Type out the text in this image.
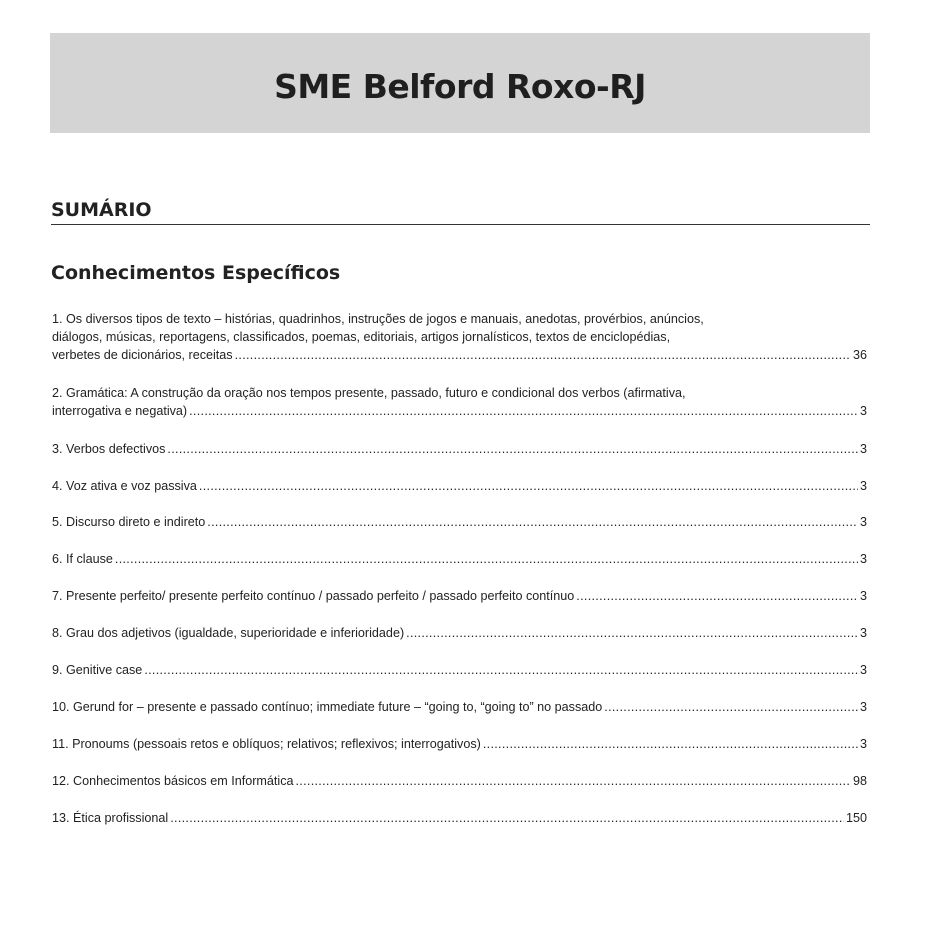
SME Belford Roxo-RJ
SUMÁRIO
Conhecimentos Específicos
1. Os diversos tipos de texto – histórias, quadrinhos, instruções de jogos e manuais, anedotas, provérbios, anúncios,
diálogos, músicas, reportagens, classificados, poemas, editoriais, artigos jornalísticos, textos de enciclopédias,
verbetes de dicionários, receitas .....	36
2. Gramática: A construção da oração nos tempos presente, passado, futuro e condicional dos verbos (afirmativa,
interrogativa e negativa) .....	3
3. Verbos defectivos .....	3
4. Voz ativa e voz passiva .....	3
5. Discurso direto e indireto .....	3
6. If clause .....	3
7. Presente perfeito/ presente perfeito contínuo / passado perfeito / passado perfeito contínuo .....	3
8. Grau dos adjetivos (igualdade, superioridade e inferioridade) .....	3
9. Genitive case .....	3
10. Gerund for – presente e passado contínuo; immediate future – “going to, “going to” no passado .....	3
11. Pronoums (pessoais retos e oblíquos; relativos; reflexivos; interrogativos) .....	3
12. Conhecimentos básicos em Informática .....	98
13. Ética profissional .....	150
